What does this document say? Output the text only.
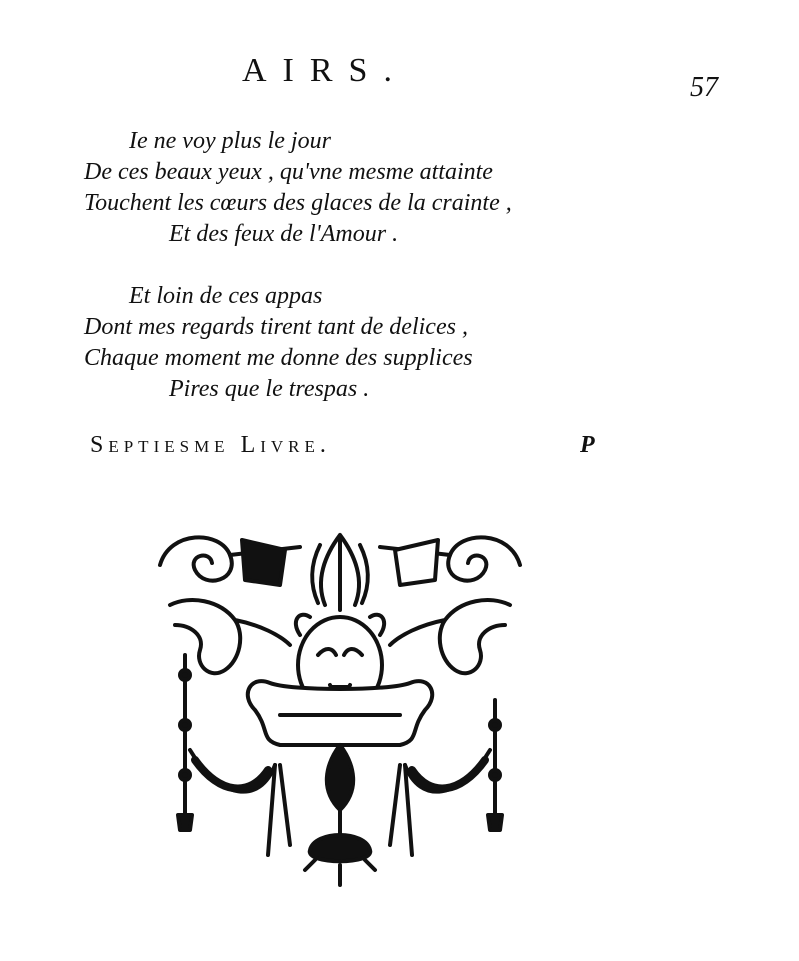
AIRS.	57
Ie ne voy plus le jour
De ces beaux yeux , qu'vne mesme attainte
Touchent les cœurs des glaces de la crainte ,
Et des feux de l'Amour .
Et loin de ces appas
Dont mes regards tirent tant de delices ,
Chaque moment me donne des supplices
Pires que le trespas .
Septiesme Livre.	P
